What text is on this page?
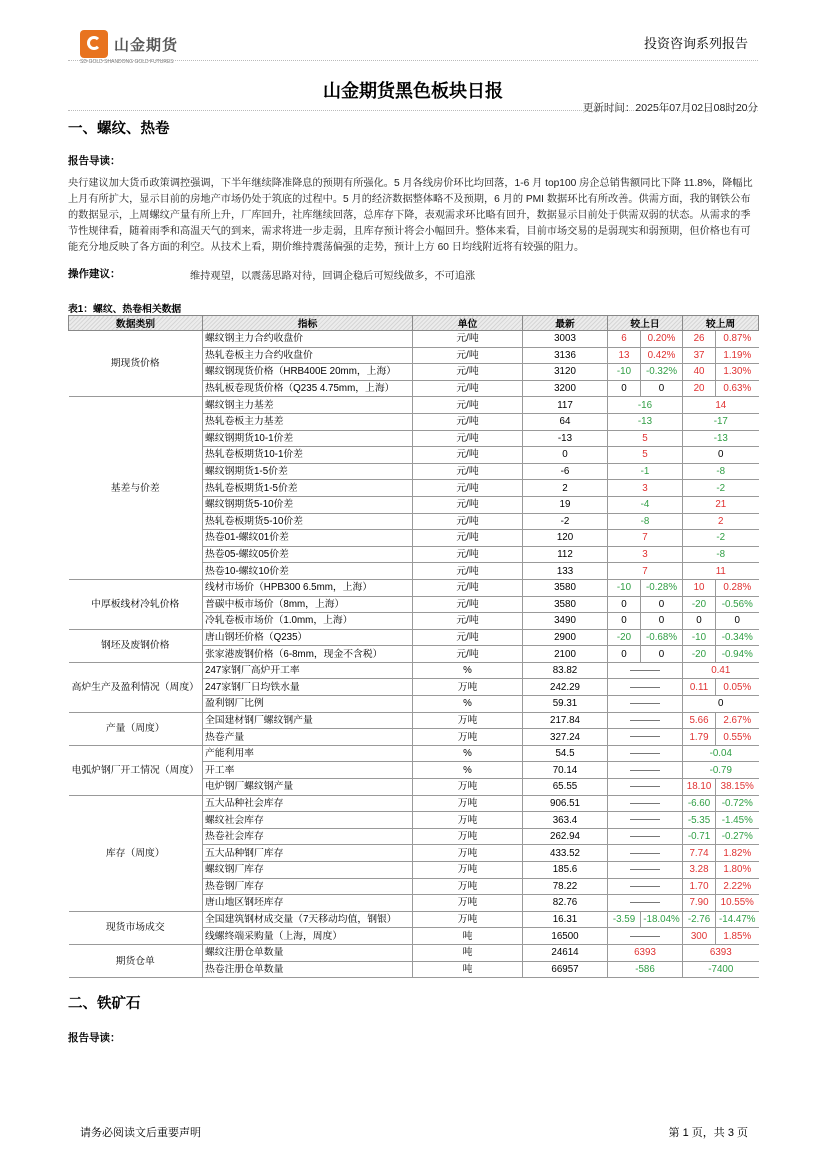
山金期货
SD·GOLD SHANDONG GOLD FUTURES
投资咨询系列报告
山金期货黑色板块日报
更新时间：2025年07月02日08时20分
一、螺纹、热卷
报告导读：
央行建议加大货币政策调控强调，下半年继续降准降息的预期有所强化。5 月各线房价环比均回落，1-6 月 top100 房企总销售额同比下降 11.8%，降幅比 上月有所扩大，显示目前的房地产市场仍处于筑底的过程中。5 月的经济数据整体略不及预期，6 月的 PMI 数据环比有所改善。供需方面，我的钢铁公布的数据显示，上周螺纹产量有所上升，厂库回升，社库继续回落，总库存下降，表观需求环比略有回升，数据显示目前处于供需双弱的状态。从需求的季节性规律看，随着雨季和高温天气的到来，需求将进一步走弱，且库存预计将会小幅回升。整体来看，目前市场交易的是弱现实和弱预期，但价格也有可能充分地反映了各方面的利空。从技术上看，期价维持震荡偏强的走势，预计上方 60 日均线附近将有较强的阻力。
操作建议：	维持观望，以震荡思路对待，回调企稳后可短线做多，不可追涨
表1：螺纹、热卷相关数据
数据类别	指标	单位	最新	较上日		较上周	
期现货价格	螺纹钢主力合约收盘价	元/吨	3003	6	0.20%	26	0.87%
	热轧卷板主力合约收盘价	元/吨	3136	13	0.42%	37	1.19%
	螺纹钢现货价格（HRB400E 20mm，上海）	元/吨	3120	-10	-0.32%	40	1.30%
	热轧板卷现货价格（Q235 4.75mm，上海）	元/吨	3200	0	0	20	0.63%
基差与价差	螺纹钢主力基差	元/吨	117	-16		14	
	热轧卷板主力基差	元/吨	64	-13		-17	
	螺纹钢期货10-1价差	元/吨	-13	5		-13	
	热轧卷板期货10-1价差	元/吨	0	5		0	
	螺纹钢期货1-5价差	元/吨	-6	-1		-8	
	热轧卷板期货1-5价差	元/吨	2	3		-2	
	螺纹钢期货5-10价差	元/吨	19	-4		21	
	热轧卷板期货5-10价差	元/吨	-2	-8		2	
	热卷01-螺纹01价差	元/吨	120	7		-2	
	热卷05-螺纹05价差	元/吨	112	3		-8	
	热卷10-螺纹10价差	元/吨	133	7		11	
中厚板线材冷轧价格	线材市场价（HPB300 6.5mm，上海）	元/吨	3580	-10	-0.28%	10	0.28%
	普碳中板市场价（8mm，上海）	元/吨	3580	0	0	-20	-0.56%
	冷轧卷板市场价（1.0mm，上海）	元/吨	3490	0	0	0	0
钢坯及废钢价格	唐山钢坯价格（Q235）	元/吨	2900	-20	-0.68%	-10	-0.34%
	张家港废钢价格（6-8mm，现金不含税）	元/吨	2100	0	0	-20	-0.94%
高炉生产及盈利情况（周度）	247家钢厂高炉开工率	%	83.82			0.41	
	247家钢厂日均铁水量	万吨	242.29			0.11	0.05%
	盈利钢厂比例	%	59.31			0	
产量（周度）	全国建材钢厂螺纹钢产量	万吨	217.84			5.66	2.67%
	热卷产量	万吨	327.24			1.79	0.55%
电弧炉钢厂开工情况（周度）	产能利用率	%	54.5			-0.04	
	开工率	%	70.14			-0.79	
	电炉钢厂螺纹钢产量	万吨	65.55			18.10	38.15%
库存（周度）	五大品种社会库存	万吨	906.51			-6.60	-0.72%
	螺纹社会库存	万吨	363.4			-5.35	-1.45%
	热卷社会库存	万吨	262.94			-0.71	-0.27%
	五大品种钢厂库存	万吨	433.52			7.74	1.82%
	螺纹钢厂库存	万吨	185.6			3.28	1.80%
	热卷钢厂库存	万吨	78.22			1.70	2.22%
	唐山地区钢坯库存	万吨	82.76			7.90	10.55%
现货市场成交	全国建筑钢材成交量（7天移动均值，钢银）	万吨	16.31	-3.59	-18.04%	-2.76	-14.47%
	线螺终端采购量（上海，周度）	吨	16500			300	1.85%
期货仓单	螺纹注册仓单数量	吨	24614	6393		6393	
	热卷注册仓单数量	吨	66957	-586		-7400	
二、铁矿石
报告导读：
请务必阅读文后重要声明	第 1 页，共 3 页
